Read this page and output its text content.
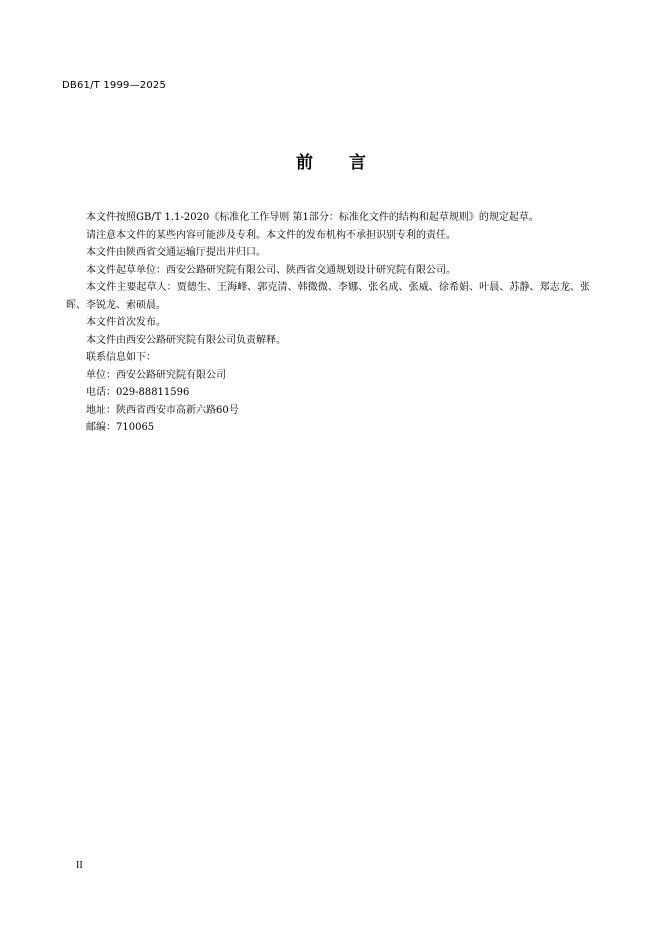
DB61/T 1999—2025
前 言

本文件按照GB/T 1.1-2020《标准化工作导则 第1部分：标准化文件的结构和起草规则》的规定起草。

请注意本文件的某些内容可能涉及专利。本文件的发布机构不承担识别专利的责任。

本文件由陕西省交通运输厅提出并归口。

本文件起草单位：西安公路研究院有限公司、陕西省交通规划设计研究院有限公司。

本文件主要起草人：贾德生、王海峰、郭克清、韩微微、李娜、张名成、张威、徐希娟、叶晨、苏静、郑志龙、张晖、李锐龙、索硕晨。

本文件首次发布。

本文件由西安公路研究院有限公司负责解释。

联系信息如下：

单位：西安公路研究院有限公司

电话：029-88811596

地址：陕西省西安市高新六路60号

邮编：710065

II
